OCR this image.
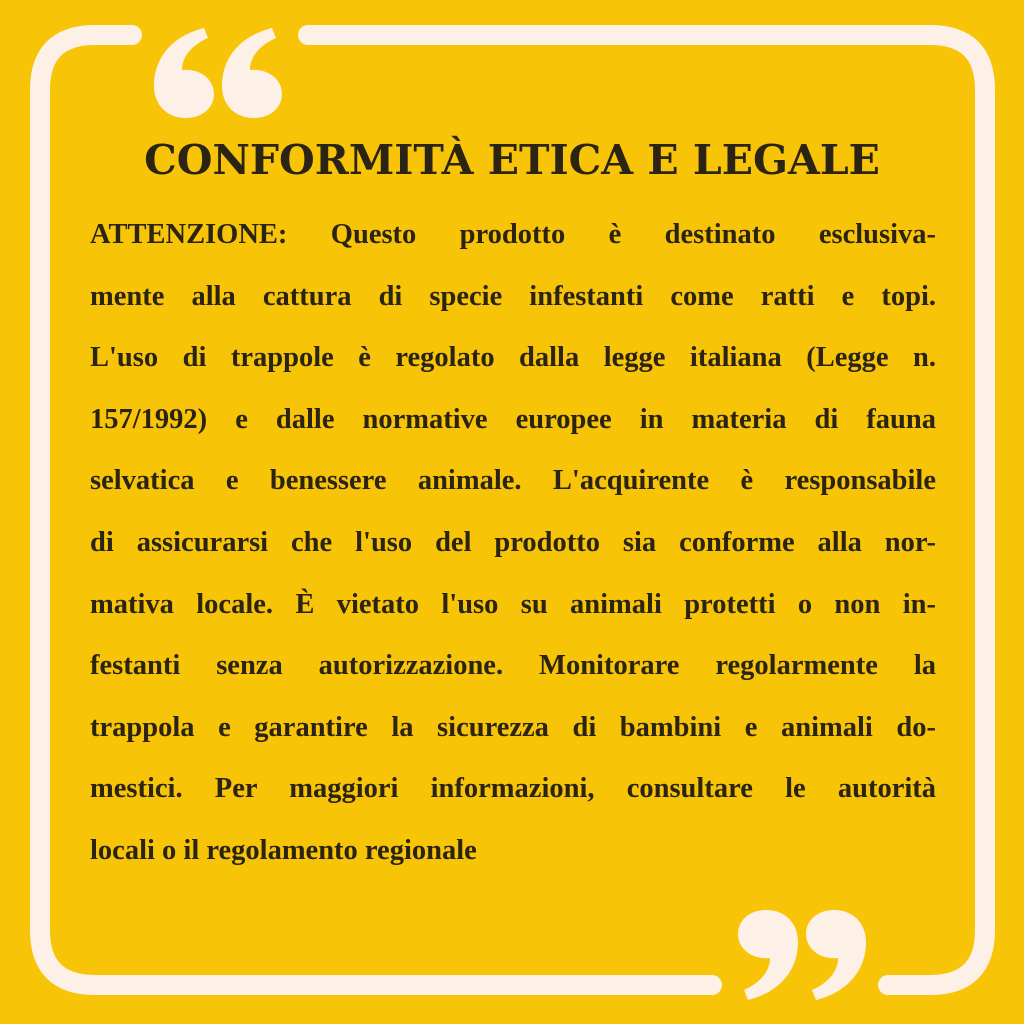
CONFORMITÀ ETICA E LEGALE
ATTENZIONE: Questo prodotto è destinato esclusiva-
mente alla cattura di specie infestanti come ratti e topi.
L'uso di trappole è regolato dalla legge italiana (Legge n.
157/1992) e dalle normative europee in materia di fauna
selvatica e benessere animale. L'acquirente è responsabile
di assicurarsi che l'uso del prodotto sia conforme alla nor-
mativa locale. È vietato l'uso su animali protetti o non in-
festanti senza autorizzazione. Monitorare regolarmente la
trappola e garantire la sicurezza di bambini e animali do-
mestici. Per maggiori informazioni, consultare le autorità
locali o il regolamento regionale
